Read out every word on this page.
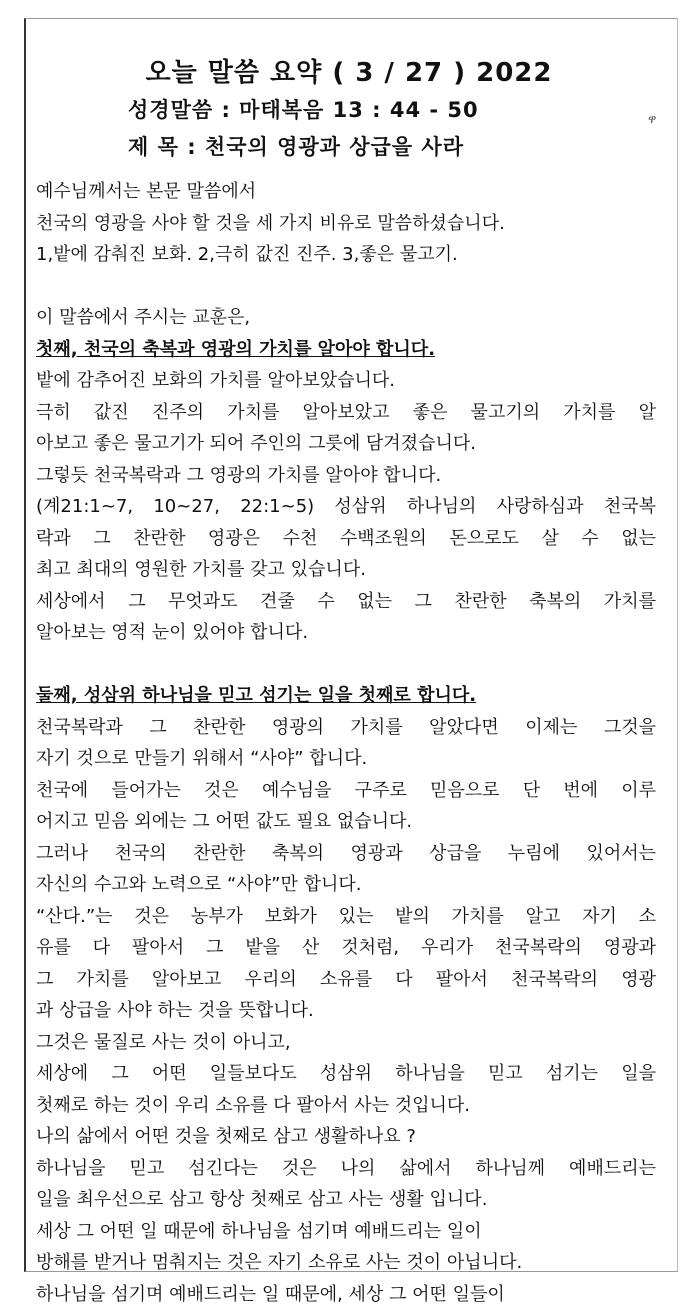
오늘 말씀 요약 ( 3 / 27 ) 2022
성경말씀 : 마태복음 13 : 44 - 50
제 목 : 천국의 영광과 상급을 사라
ዋ
예수님께서는 본문 말씀에서
천국의 영광을 사야 할 것을 세 가지 비유로 말씀하셨습니다.
1,밭에 감춰진 보화. 2,극히 값진 진주. 3,좋은 물고기.
이 말씀에서 주시는 교훈은,
첫째, 천국의 축복과 영광의 가치를 알아야 합니다.
밭에 감추어진 보화의 가치를 알아보았습니다.
극히 값진 진주의 가치를 알아보았고 좋은 물고기의 가치를 알
아보고 좋은 물고기가 되어 주인의 그릇에 담겨졌습니다.
그렇듯 천국복락과 그 영광의 가치를 알아야 합니다.
(계21:1~7, 10~27, 22:1~5) 성삼위 하나님의 사랑하심과 천국복
락과 그 찬란한 영광은 수천 수백조원의 돈으로도 살 수 없는
최고 최대의 영원한 가치를 갖고 있습니다.
세상에서 그 무엇과도 견줄 수 없는 그 찬란한 축복의 가치를
알아보는 영적 눈이 있어야 합니다.
둘째, 성삼위 하나님을 믿고 섬기는 일을 첫째로 합니다.
천국복락과 그 찬란한 영광의 가치를 알았다면 이제는 그것을
자기 것으로 만들기 위해서 “사야” 합니다.
천국에 들어가는 것은 예수님을 구주로 믿음으로 단 번에 이루
어지고 믿음 외에는 그 어떤 값도 필요 없습니다.
그러나 천국의 찬란한 축복의 영광과 상급을 누림에 있어서는
자신의 수고와 노력으로 “사야”만 합니다.
“산다.”는 것은 농부가 보화가 있는 밭의 가치를 알고 자기 소
유를 다 팔아서 그 밭을 산 것처럼, 우리가 천국복락의 영광과
그 가치를 알아보고 우리의 소유를 다 팔아서 천국복락의 영광
과 상급을 사야 하는 것을 뜻합니다.
그것은 물질로 사는 것이 아니고,
세상에 그 어떤 일들보다도 성삼위 하나님을 믿고 섬기는 일을
첫째로 하는 것이 우리 소유를 다 팔아서 사는 것입니다.
나의 삶에서 어떤 것을 첫째로 삼고 생활하나요 ?
하나님을 믿고 섬긴다는 것은 나의 삶에서 하나님께 예배드리는
일을 최우선으로 삼고 항상 첫째로 삼고 사는 생활 입니다.
세상 그 어떤 일 때문에 하나님을 섬기며 예배드리는 일이
방해를 받거나 멈춰지는 것은 자기 소유로 사는 것이 아닙니다.
하나님을 섬기며 예배드리는 일 때문에, 세상 그 어떤 일들이
